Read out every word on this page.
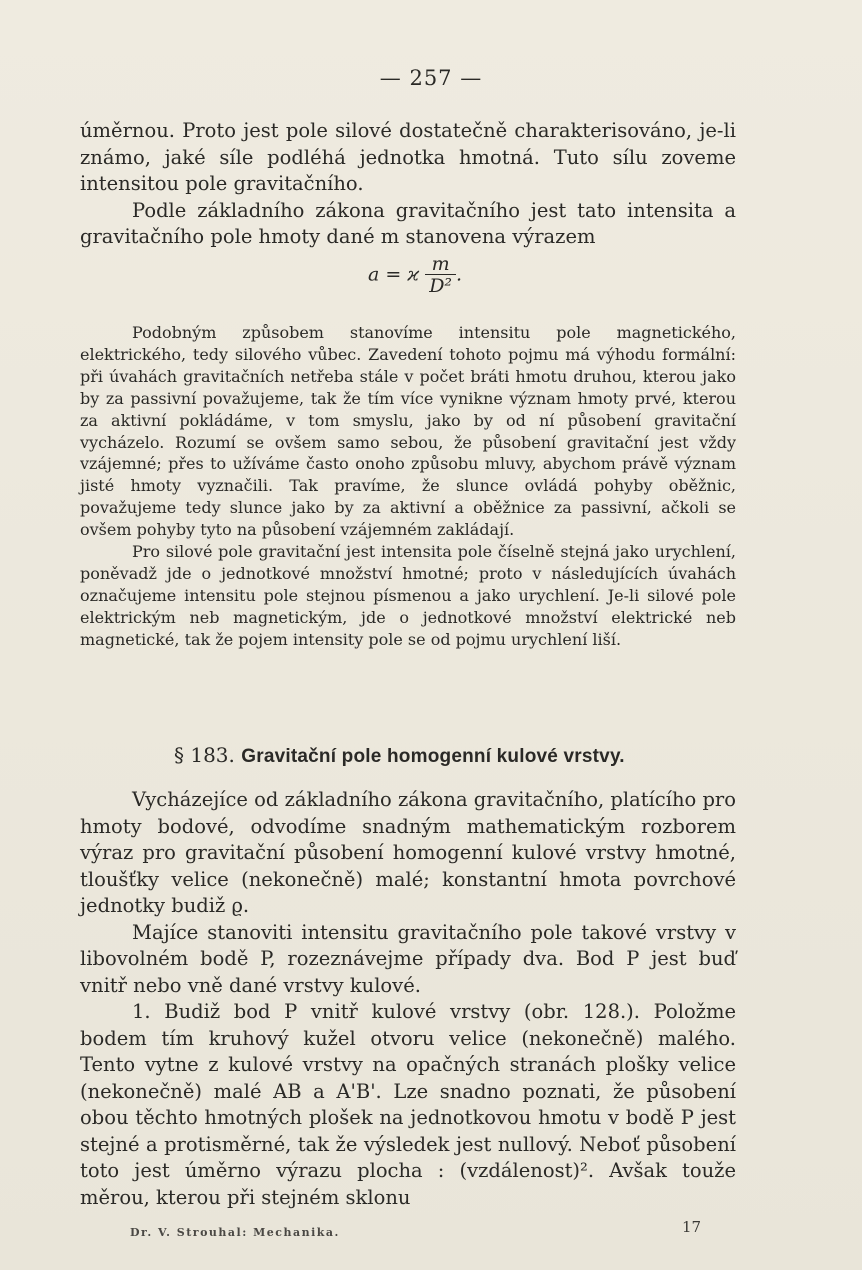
— 257 —

úměrnou. Proto jest pole silové dostatečně charakterisováno, je-li známo, jaké síle podléhá jednotka hmotná. Tuto sílu zoveme intensitou pole gravitačního.

Podle základního zákona gravitačního jest tato intensita a gravitačního pole hmoty dané m stanovena výrazem

a = ϰ $\frac{m}{\text{D²}}$ .

Podobným způsobem stanovíme intensitu pole magnetického, elektrického, tedy silového vůbec. Zavedení tohoto pojmu má výhodu formální: při úvahách gravitačních netřeba stále v počet bráti hmotu druhou, kterou jako by za passivní považujeme, tak že tím více vynikne význam hmoty prvé, kterou za aktivní pokládáme, v tom smyslu, jako by od ní působení gravitační vycházelo. Rozumí se ovšem samo sebou, že působení gravitační jest vždy vzájemné; přes to užíváme často onoho způsobu mluvy, abychom právě význam jisté hmoty vyznačili. Tak pravíme, že slunce ovládá pohyby oběžnic, považujeme tedy slunce jako by za aktivní a oběžnice za passivní, ačkoli se ovšem pohyby tyto na působení vzájemném zakládají.

Pro silové pole gravitační jest intensita pole číselně stejná jako urychlení, poněvadž jde o jednotkové množství hmotné; proto v následujících úvahách označujeme intensitu pole stejnou písmenou a jako urychlení. Je-li silové pole elektrickým neb magnetickým, jde o jednotkové množství elektrické neb magnetické, tak že pojem intensity pole se od pojmu urychlení liší.

§ 183. Gravitační pole homogenní kulové vrstvy.

Vycházejíce od základního zákona gravitačního, platícího pro hmoty bodové, odvodíme snadným mathematickým rozborem výraz pro gravitační působení homogenní kulové vrstvy hmotné, tloušťky velice (nekonečně) malé; konstantní hmota povrchové jednotky budiž ϱ.

Majíce stanoviti intensitu gravitačního pole takové vrstvy v libovolném bodě P, rozeznávejme případy dva. Bod P jest buď vnitř nebo vně dané vrstvy kulové.

1. Budiž bod P vnitř kulové vrstvy (obr. 128.). Položme bodem tím kruhový kužel otvoru velice (nekonečně) malého. Tento vytne z kulové vrstvy na opačných stranách plošky velice (nekonečně) malé AB a A'B'. Lze snadno poznati, že působení obou těchto hmotných plošek na jednotkovou hmotu v bodě P jest stejné a protisměrné, tak že výsledek jest nullový. Neboť působení toto jest úměrno výrazu plocha : (vzdálenost)². Avšak touže měrou, kterou při stejném sklonu

Dr. V. Strouhal: Mechanika.	17
